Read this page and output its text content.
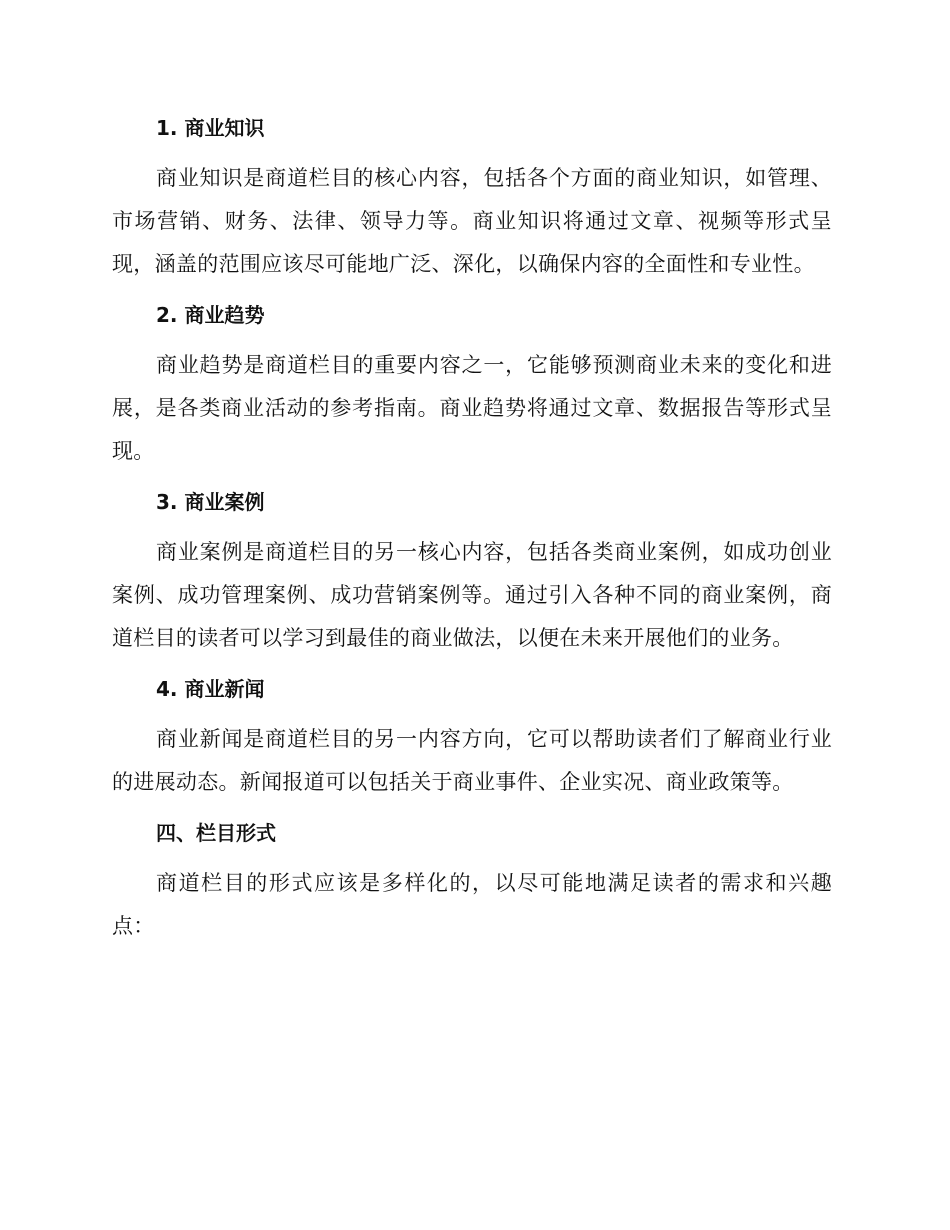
1. 商业知识

商业知识是商道栏目的核心内容，包括各个方面的商业知识，如管理、市场营销、财务、法律、领导力等。商业知识将通过文章、视频等形式呈现，涵盖的范围应该尽可能地广泛、深化，以确保内容的全面性和专业性。

2. 商业趋势

商业趋势是商道栏目的重要内容之一，它能够预测商业未来的变化和进展，是各类商业活动的参考指南。商业趋势将通过文章、数据报告等形式呈现。

3. 商业案例

商业案例是商道栏目的另一核心内容，包括各类商业案例，如成功创业案例、成功管理案例、成功营销案例等。通过引入各种不同的商业案例，商道栏目的读者可以学习到最佳的商业做法，以便在未来开展他们的业务。

4. 商业新闻

商业新闻是商道栏目的另一内容方向，它可以帮助读者们了解商业行业的进展动态。新闻报道可以包括关于商业事件、企业实况、商业政策等。

四、栏目形式

商道栏目的形式应该是多样化的，以尽可能地满足读者的需求和兴趣点：
